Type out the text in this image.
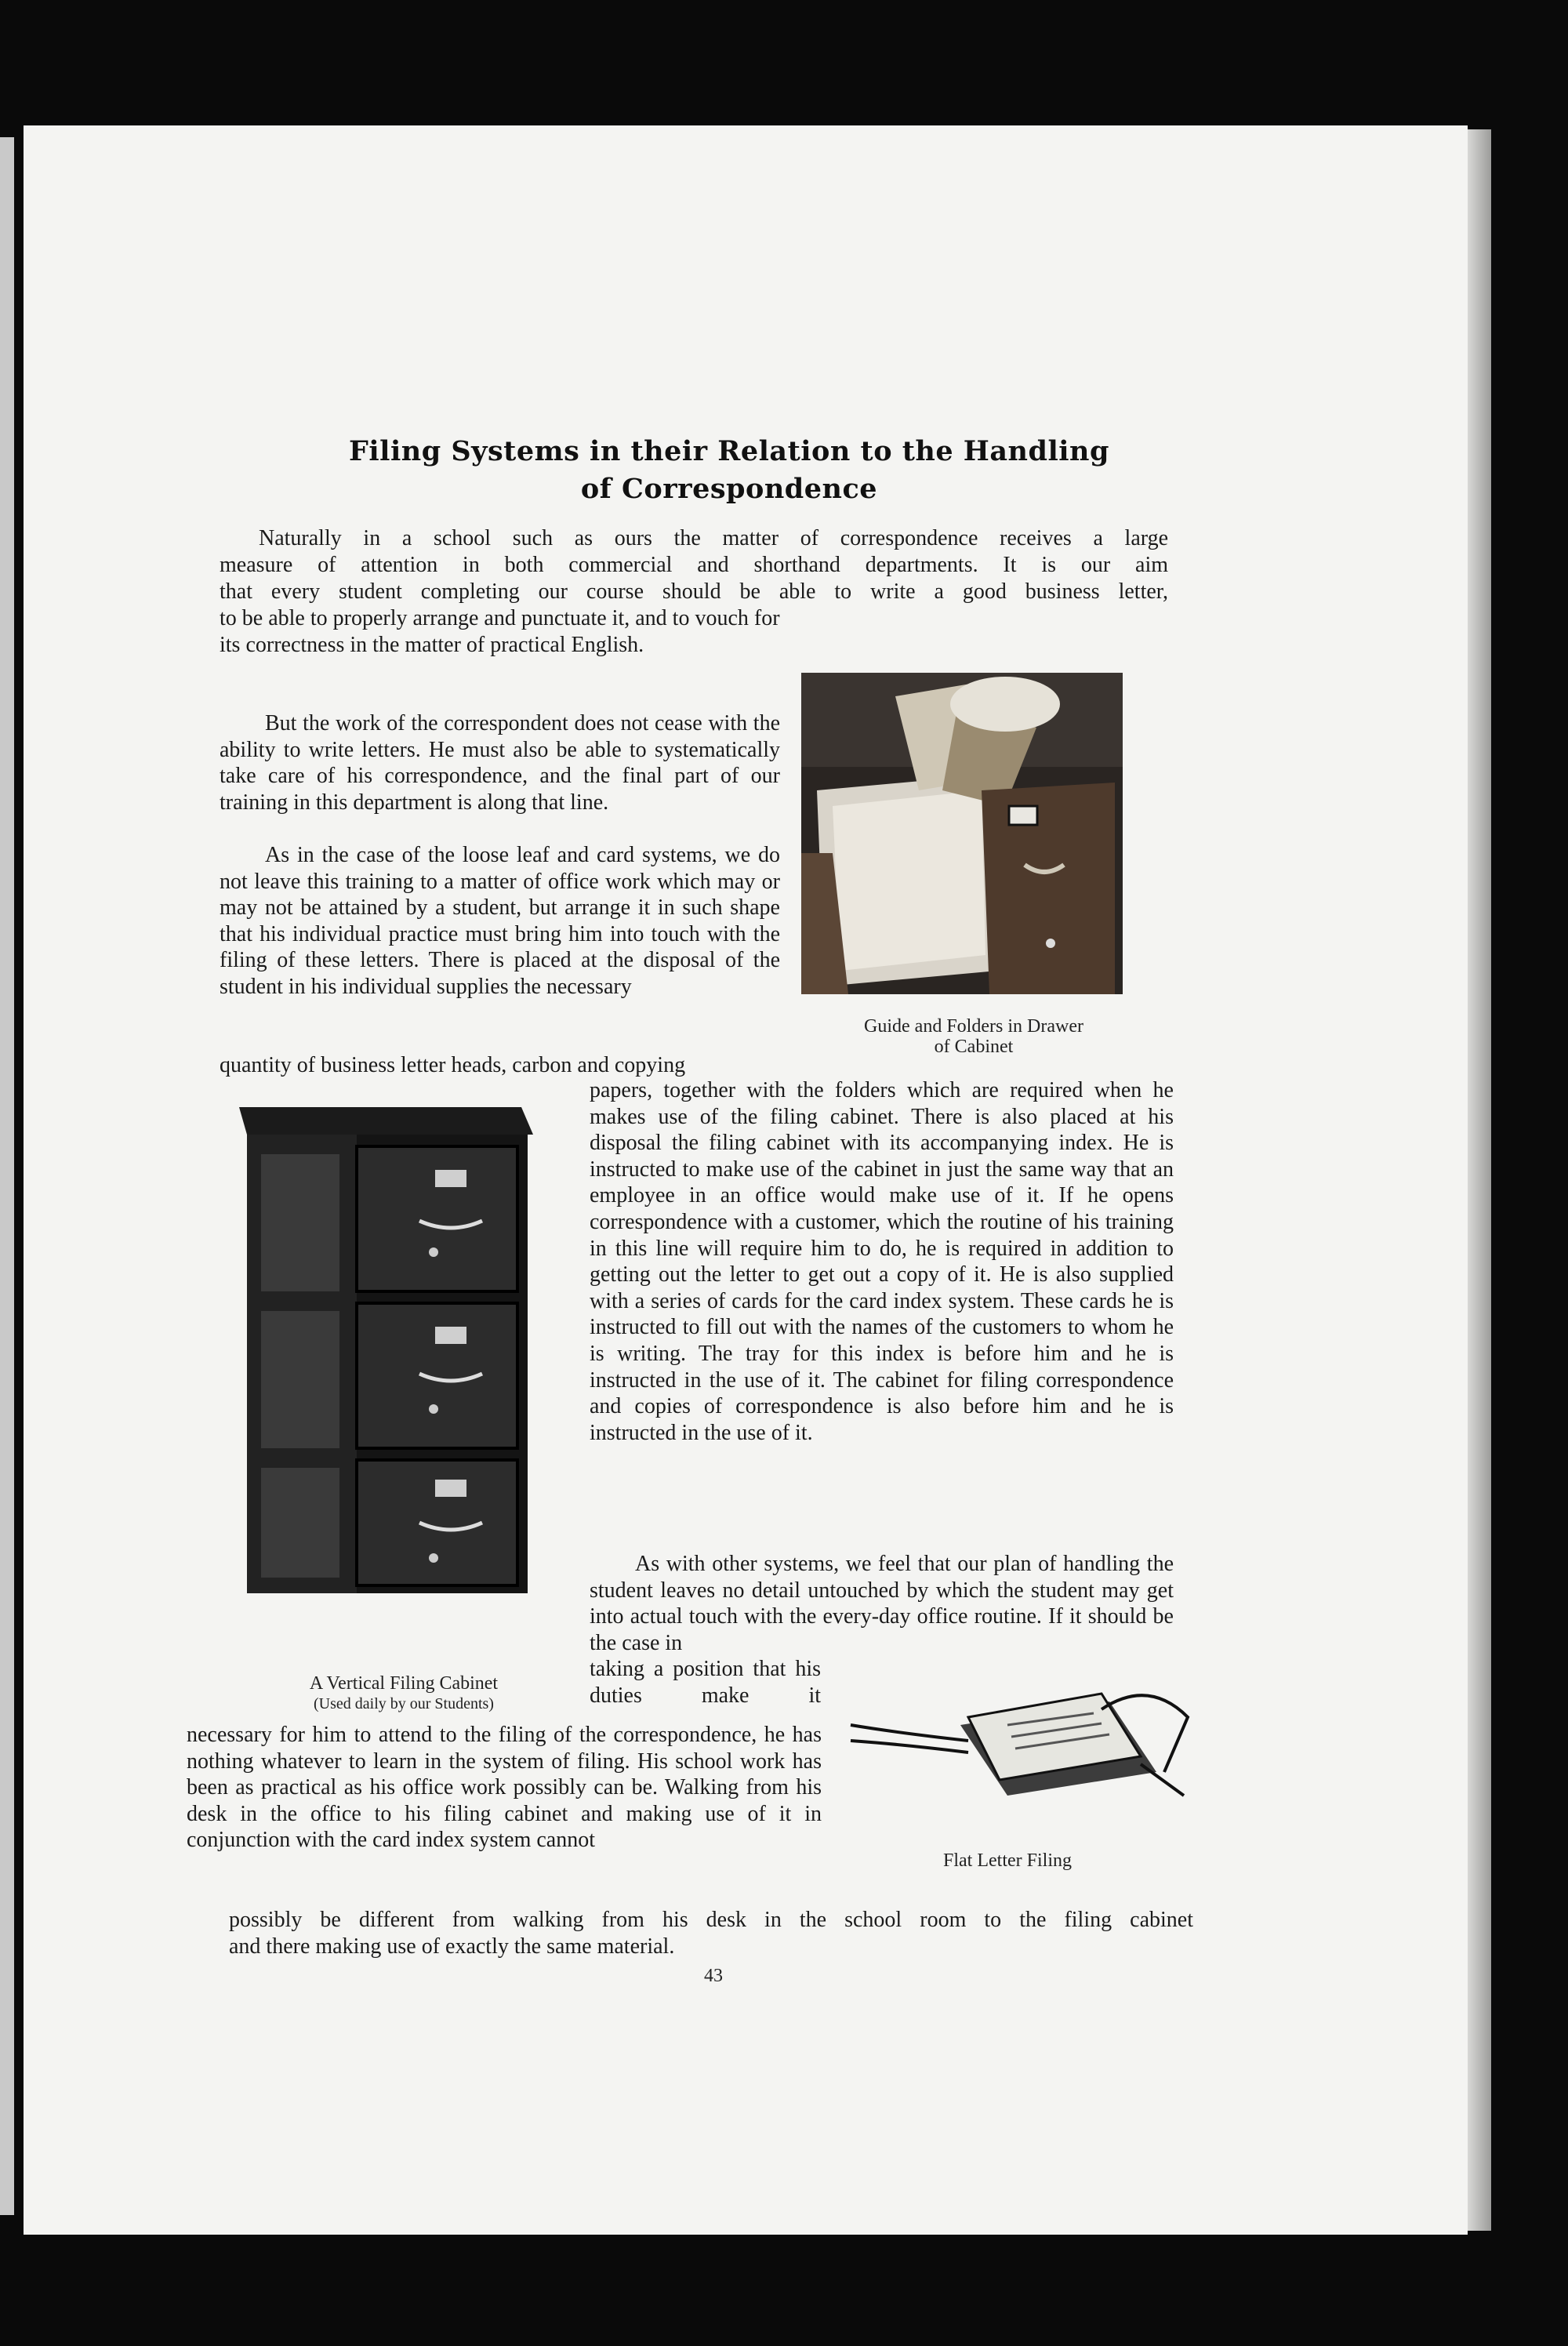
Filing Systems in their Relation to the Handling
of Correspondence

Naturally in a school such as ours the matter of correspondence receives a large

measure of attention in both commercial and shorthand departments. It is our aim

that every student completing our course should be able to write a good business letter,

to be able to properly arrange and punctuate it, and to vouch for its correctness in the matter of practical English.

But the work of the correspondent does not cease with the ability to write letters. He must also be able to systematically take care of his correspondence, and the final part of our training in this department is along that line.

As in the case of the loose leaf and card systems, we do not leave this training to a matter of office work which may or may not be attained by a student, but arrange it in such shape that his individual practice must bring him into touch with the filing of these letters. There is placed at the disposal of the student in his individual supplies the necessary

quantity of business letter heads, carbon and copying

Guide and Folders in Drawer
of Cabinet
A Vertical Filing Cabinet
(Used daily by our Students)

papers, together with the folders which are required when he makes use of the filing cabinet. There is also placed at his disposal the filing cabinet with its accompanying index. He is instructed to make use of the cabinet in just the same way that an employee in an office would make use of it. If he opens correspondence with a customer, which the routine of his training in this line will require him to do, he is required in addition to getting out the letter to get out a copy of it. He is also supplied with a series of cards for the card index system. These cards he is instructed to fill out with the names of the customers to whom he is writing. The tray for this index is before him and he is instructed in the use of it. The cabinet for filing correspondence and copies of correspondence is also before him and he is instructed in the use of it.

As with other systems, we feel that our plan of handling the student leaves no detail untouched by which the student may get into actual touch with the every-day office routine. If it should be the case in

taking a position that his duties make it

Flat Letter Filing

necessary for him to attend to the filing of the correspondence, he has nothing whatever to learn in the system of filing. His school work has been as practical as his office work possibly can be. Walking from his desk in the office to his filing cabinet and making use of it in conjunction with the card index system cannot

possibly be different from walking from his desk in the school room to the filing cabinet

and there making use of exactly the same material.

43
